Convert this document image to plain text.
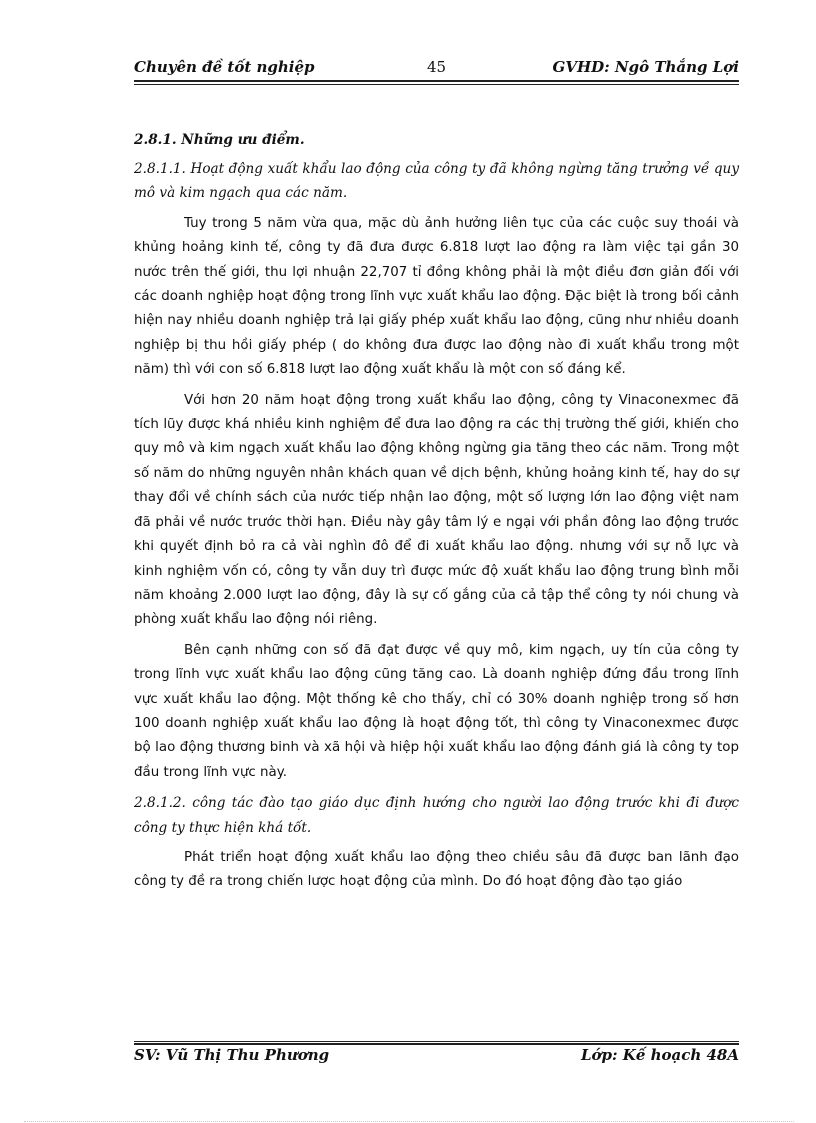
Chuyên đề tốt nghiệp	45	GVHD: Ngô Thắng Lợi
2.8.1. Những ưu điểm.
2.8.1.1. Hoạt động xuất khẩu lao động của công ty đã không ngừng tăng trưởng về quy mô và kim ngạch qua các năm.

Tuy trong 5 năm vừa qua, mặc dù ảnh hưởng liên tục của các cuộc suy thoái và khủng hoảng kinh tế, công ty đã đưa được 6.818 lượt lao động ra làm việc tại gần 30 nước trên thế giới, thu lợi nhuận 22,707 tỉ đồng không phải là một điều đơn giản đối với các doanh nghiệp hoạt động trong lĩnh vực xuất khẩu lao động. Đặc biệt là trong bối cảnh hiện nay nhiều doanh nghiệp trả lại giấy phép xuất khẩu lao động, cũng như nhiều doanh nghiệp bị thu hồi giấy phép ( do không đưa được lao động nào đi xuất khẩu trong một năm) thì với con số 6.818 lượt lao động xuất khẩu là một con số đáng kể.

Với hơn 20 năm hoạt động trong xuất khẩu lao động, công ty Vinaconexmec đã tích lũy được khá nhiều kinh nghiệm để đưa lao động ra các thị trường thế giới, khiến cho quy mô và kim ngạch xuất khẩu lao động không ngừng gia tăng theo các năm. Trong một số năm do những nguyên nhân khách quan về dịch bệnh, khủng hoảng kinh tế, hay do sự thay đổi về chính sách của nước tiếp nhận lao động, một số lượng lớn lao động việt nam đã phải về nước trước thời hạn. Điều này gây tâm lý e ngại với phần đông lao động trước khi quyết định bỏ ra cả vài nghìn đô để đi xuất khẩu lao động. nhưng với sự nỗ lực và kinh nghiệm vốn có, công ty vẫn duy trì được mức độ xuất khẩu lao động trung bình mỗi năm khoảng 2.000 lượt lao động, đây là sự cố gắng của cả tập thể công ty nói chung và phòng xuất khẩu lao động nói riêng.

Bên cạnh những con số đã đạt được về quy mô, kim ngạch, uy tín của công ty trong lĩnh vực xuất khẩu lao động cũng tăng cao. Là doanh nghiệp đứng đầu trong lĩnh vực xuất khẩu lao động. Một thống kê cho thấy, chỉ có 30% doanh nghiệp trong số hơn 100 doanh nghiệp xuất khẩu lao động là hoạt động tốt, thì công ty Vinaconexmec được bộ lao động thương binh và xã hội và hiệp hội xuất khẩu lao động đánh giá là công ty top đầu trong lĩnh vực này.

2.8.1.2. công tác đào tạo giáo dục định hướng cho người lao động trước khi đi được công ty thực hiện khá tốt.

Phát triển hoạt động xuất khẩu lao động theo chiều sâu đã được ban lãnh đạo công ty đề ra trong chiến lược hoạt động của mình. Do đó hoạt động đào tạo giáo

SV: Vũ Thị Thu Phương	Lớp: Kế hoạch 48A
